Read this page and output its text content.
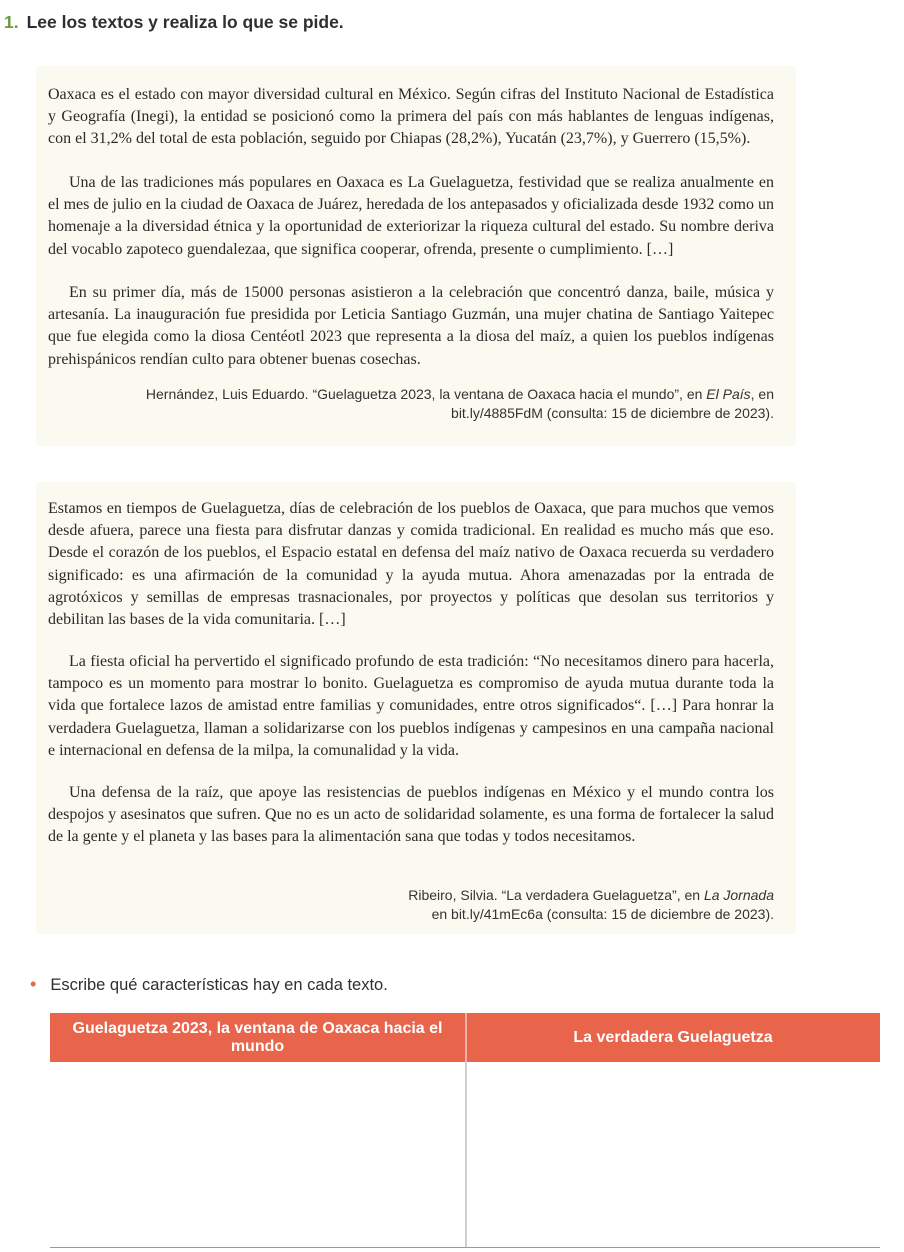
1. Lee los textos y realiza lo que se pide.

Oaxaca es el estado con mayor diversidad cultural en México. Según cifras del Instituto Nacional de Estadística y Geografía (Inegi), la entidad se posicionó como la primera del país con más hablantes de lenguas indígenas, con el 31,2% del total de esta población, seguido por Chiapas (28,2%), Yucatán (23,7%), y Guerrero (15,5%).

Una de las tradiciones más populares en Oaxaca es La Guelaguetza, festividad que se realiza anualmente en el mes de julio en la ciudad de Oaxaca de Juárez, heredada de los antepasados y oficializada desde 1932 como un homenaje a la diversidad étnica y la oportunidad de exteriorizar la riqueza cultural del estado. Su nombre deriva del vocablo zapoteco guendalezaa, que significa cooperar, ofrenda, presente o cumplimiento. […]

En su primer día, más de 15000 personas asistieron a la celebración que concentró danza, baile, música y artesanía. La inauguración fue presidida por Leticia Santiago Guzmán, una mujer chatina de Santiago Yaitepec que fue elegida como la diosa Centéotl 2023 que representa a la diosa del maíz, a quien los pueblos indígenas prehispánicos rendían culto para obtener buenas cosechas.

Hernández, Luis Eduardo. “Guelaguetza 2023, la ventana de Oaxaca hacia el mundo”, en El País, en
bit.ly/4885FdM (consulta: 15 de diciembre de 2023).

Estamos en tiempos de Guelaguetza, días de celebración de los pueblos de Oaxaca, que para muchos que vemos desde afuera, parece una fiesta para disfrutar danzas y comida tradicional. En realidad es mucho más que eso. Desde el corazón de los pueblos, el Espacio estatal en defensa del maíz nativo de Oaxaca recuerda su verdadero significado: es una afirmación de la comunidad y la ayuda mutua. Ahora amenazadas por la entrada de agrotóxicos y semillas de empresas trasnacionales, por proyectos y políticas que desolan sus territorios y debilitan las bases de la vida comunitaria. […]

La fiesta oficial ha pervertido el significado profundo de esta tradición: “No necesitamos dinero para hacerla, tampoco es un momento para mostrar lo bonito. Guelaguetza es compromiso de ayuda mutua durante toda la vida que fortalece lazos de amistad entre familias y comunidades, entre otros significados“. […] Para honrar la verdadera Guelaguetza, llaman a solidarizarse con los pueblos indígenas y campesinos en una campaña nacional e internacional en defensa de la milpa, la comunalidad y la vida.

Una defensa de la raíz, que apoye las resistencias de pueblos indígenas en México y el mundo contra los despojos y asesinatos que sufren. Que no es un acto de solidaridad solamente, es una forma de fortalecer la salud de la gente y el planeta y las bases para la alimentación sana que todas y todos necesitamos.

Ribeiro, Silvia. “La verdadera Guelaguetza”, en La Jornada
en bit.ly/41mEc6a (consulta: 15 de diciembre de 2023).
• Escribe qué características hay en cada texto.
Guelaguetza 2023, la ventana de Oaxaca hacia el mundo
La verdadera Guelaguetza
